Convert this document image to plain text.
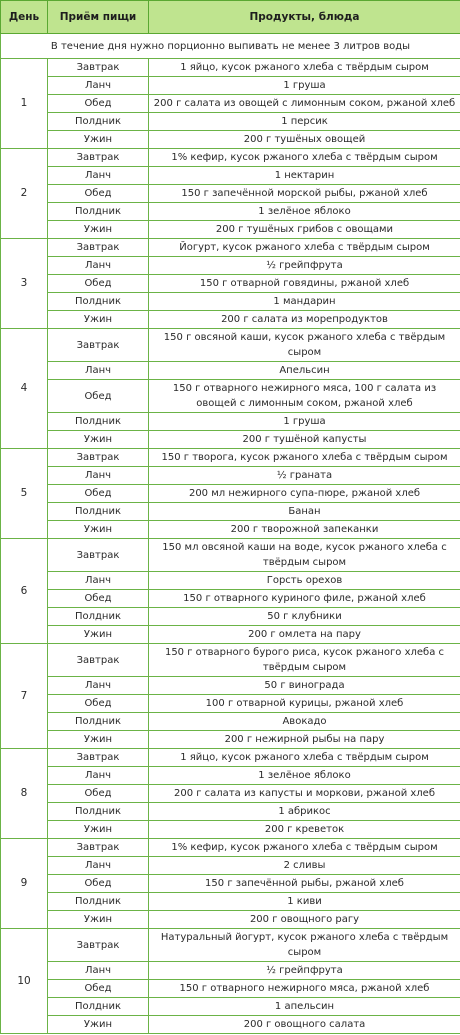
День	Приём пищи	Продукты, блюда
В течение дня нужно порционно выпивать не менее 3 литров воды		
1	Завтрак	1 яйцо, кусок ржаного хлеба с твёрдым сыром
	Ланч	1 груша
	Обед	200 г салата из овощей с лимонным соком, ржаной хлеб
	Полдник	1 персик
	Ужин	200 г тушёных овощей
2	Завтрак	1% кефир, кусок ржаного хлеба с твёрдым сыром
	Ланч	1 нектарин
	Обед	150 г запечённой морской рыбы, ржаной хлеб
	Полдник	1 зелёное яблоко
	Ужин	200 г тушёных грибов с овощами
3	Завтрак	Йогурт, кусок ржаного хлеба с твёрдым сыром
	Ланч	½ грейпфрута
	Обед	150 г отварной говядины, ржаной хлеб
	Полдник	1 мандарин
	Ужин	200 г салата из морепродуктов
4	Завтрак	150 г овсяной каши, кусок ржаного хлеба с твёрдым сыром
	Ланч	Апельсин
	Обед	150 г отварного нежирного мяса, 100 г салата из овощей с лимонным соком, ржаной хлеб
	Полдник	1 груша
	Ужин	200 г тушёной капусты
5	Завтрак	150 г творога, кусок ржаного хлеба с твёрдым сыром
	Ланч	½ граната
	Обед	200 мл нежирного супа-пюре, ржаной хлеб
	Полдник	Банан
	Ужин	200 г творожной запеканки
6	Завтрак	150 мл овсяной каши на воде, кусок ржаного хлеба с твёрдым сыром
	Ланч	Горсть орехов
	Обед	150 г отварного куриного филе, ржаной хлеб
	Полдник	50 г клубники
	Ужин	200 г омлета на пару
7	Завтрак	150 г отварного бурого риса, кусок ржаного хлеба с твёрдым сыром
	Ланч	50 г винограда
	Обед	100 г отварной курицы, ржаной хлеб
	Полдник	Авокадо
	Ужин	200 г нежирной рыбы на пару
8	Завтрак	1 яйцо, кусок ржаного хлеба с твёрдым сыром
	Ланч	1 зелёное яблоко
	Обед	200 г салата из капусты и моркови, ржаной хлеб
	Полдник	1 абрикос
	Ужин	200 г креветок
9	Завтрак	1% кефир, кусок ржаного хлеба с твёрдым сыром
	Ланч	2 сливы
	Обед	150 г запечённой рыбы, ржаной хлеб
	Полдник	1 киви
	Ужин	200 г овощного рагу
10	Завтрак	Натуральный йогурт, кусок ржаного хлеба с твёрдым сыром
	Ланч	½ грейпфрута
	Обед	150 г отварного нежирного мяса, ржаной хлеб
	Полдник	1 апельсин
	Ужин	200 г овощного салата
